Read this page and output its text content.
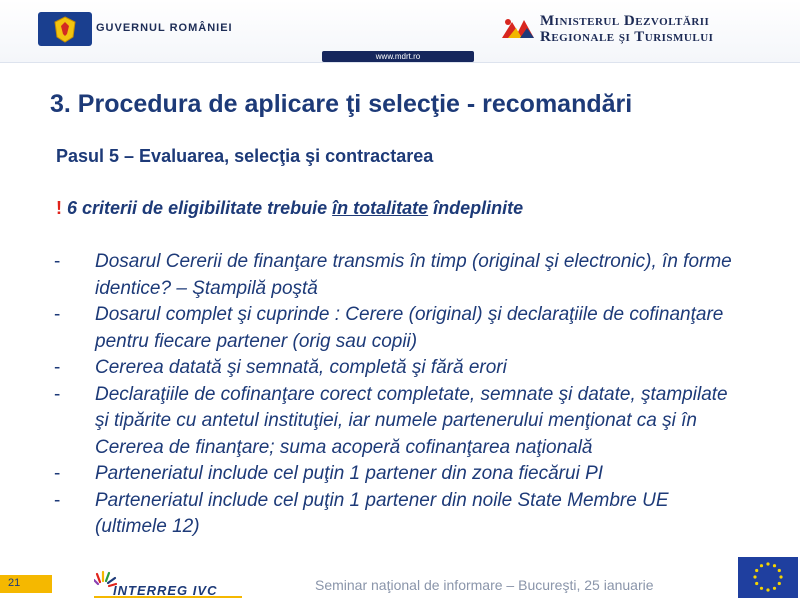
GUVERNUL ROMÂNIEI	Ministerul Dezvoltării
Regionale şi Turismului
www.mdrt.ro
3. Procedura de aplicare ţi selecţie - recomandări
Pasul 5 – Evaluarea, selecţia şi contractarea
! 6 criterii de eligibilitate trebuie în totalitate îndeplinite
- Dosarul Cererii de finanţare transmis în timp (original şi electronic), în forme identice? – Ştampilă poştă
- Dosarul complet şi cuprinde : Cerere (original) şi declaraţiile de cofinanţare pentru fiecare partener (orig sau copii)
- Cererea datată şi semnată, completă şi fără erori
- Declaraţiile de cofinanţare corect completate, semnate şi datate, ştampilate şi tipărite cu antetul instituţiei, iar numele partenerului menţionat ca şi în Cererea de finanţare; suma acoperă cofinanţarea naţională
- Parteneriatul include cel puţin 1 partener din zona fiecărui PI
- Parteneriatul include cel puţin 1 partener din noile State Membre UE (ultimele 12)
21	INTERREG IVC	Seminar naţional de informare – Bucureşti, 25 ianuarie
